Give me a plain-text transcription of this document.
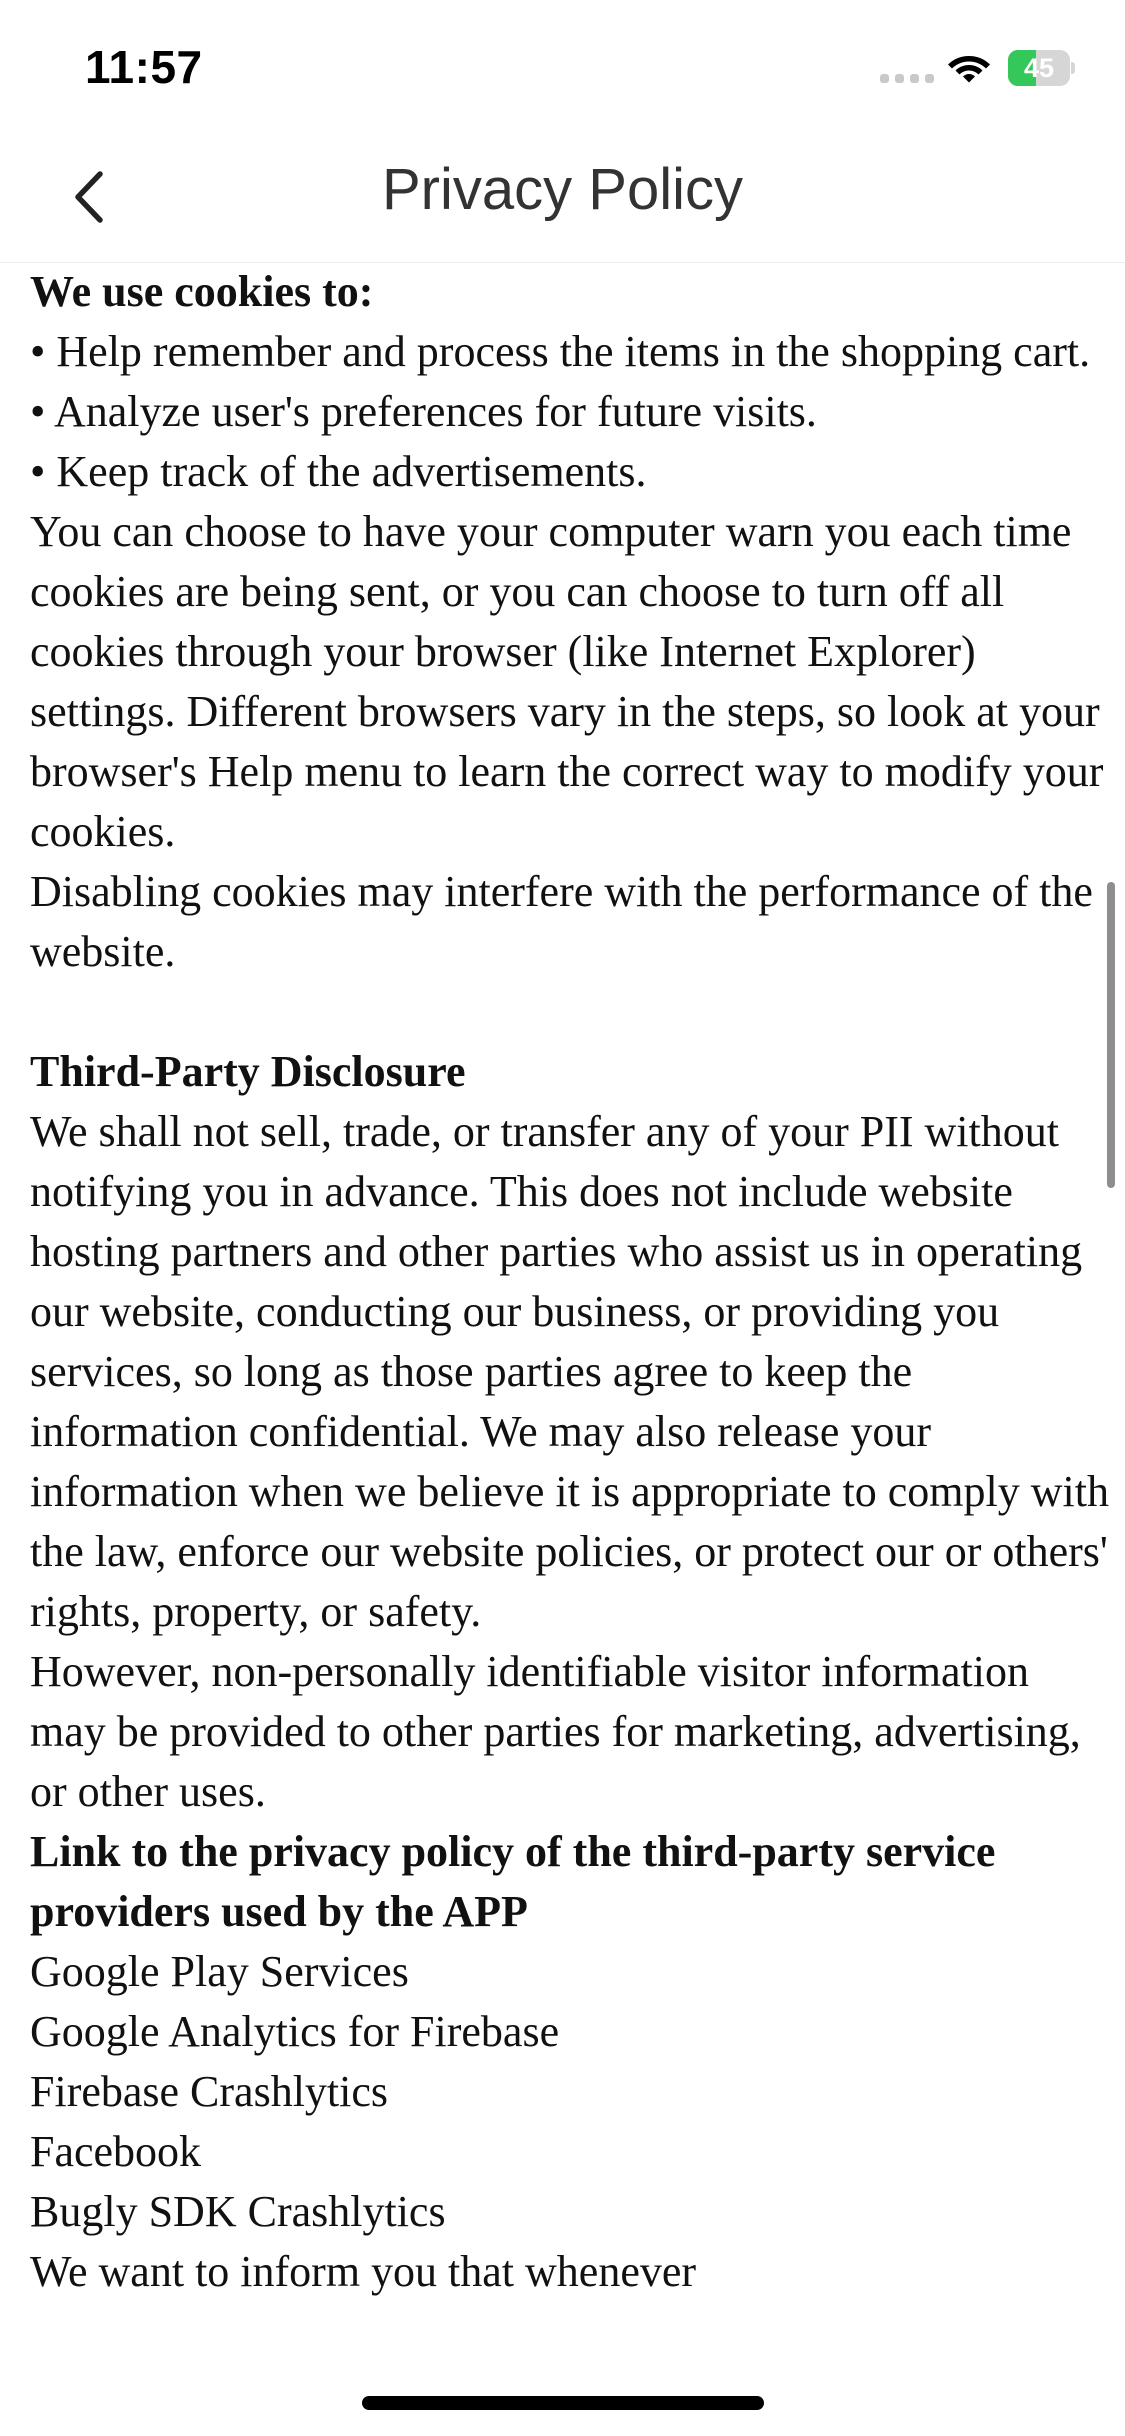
11:57	45
Privacy Policy

We use cookies to:

• Help remember and process the items in the shopping cart.

• Analyze user's preferences for future visits.

• Keep track of the advertisements.

You can choose to have your computer warn you each time cookies are being sent, or you can choose to turn off all cookies through your browser (like Internet Explorer) settings. Different browsers vary in the steps, so look at your browser's Help menu to learn the correct way to modify your cookies.

Disabling cookies may interfere with the performance of the website.

Third-Party Disclosure

We shall not sell, trade, or transfer any of your PII without notifying you in advance. This does not include website hosting partners and other parties who assist us in operating our website, conducting our business, or providing you services, so long as those parties agree to keep the information confidential. We may also release your information when we believe it is appropriate to comply with the law, enforce our website policies, or protect our or others' rights, property, or safety.

However, non-personally identifiable visitor information may be provided to other parties for marketing, advertising, or other uses.

Link to the privacy policy of the third-party service providers used by the APP

Google Play Services

Google Analytics for Firebase

Firebase Crashlytics

Facebook

Bugly SDK Crashlytics

We want to inform you that whenever
